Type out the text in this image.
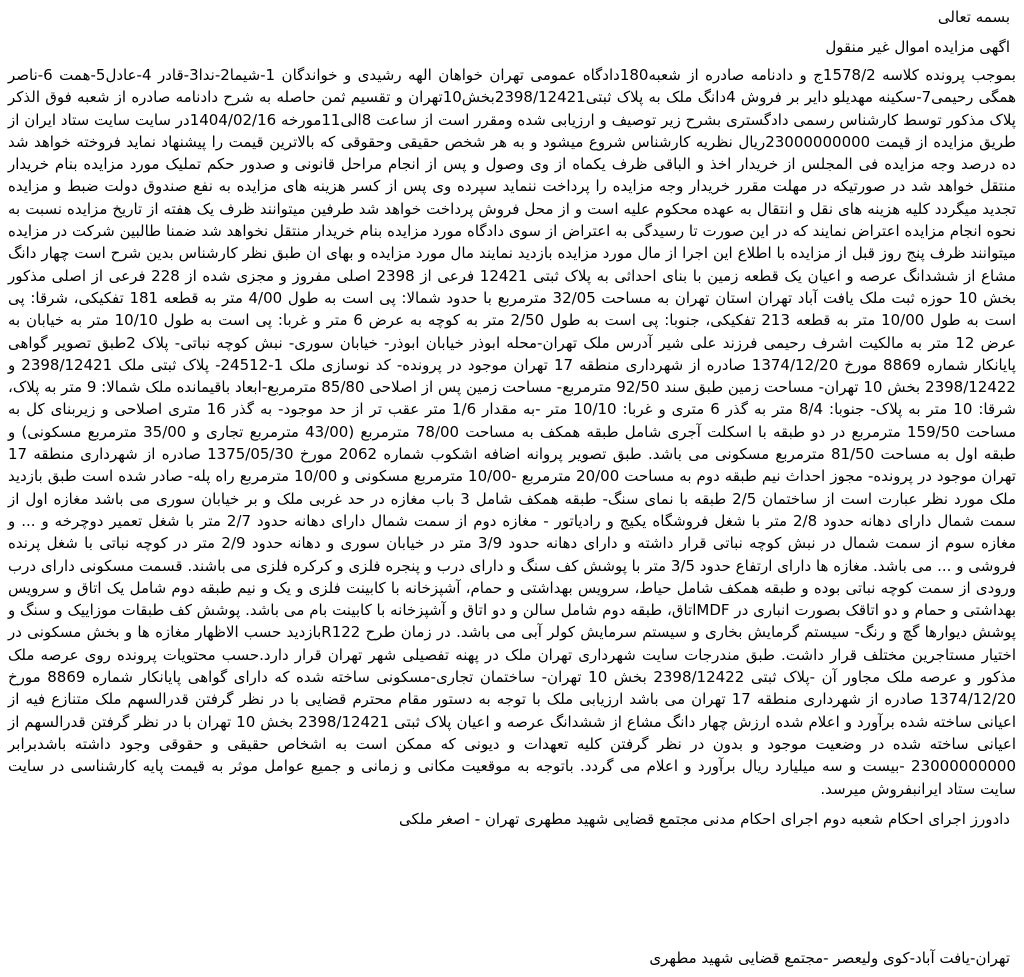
بسمه تعالی
اگهی مزایده اموال غیر منقول

بموجب پرونده کلاسه 1578/2ج و دادنامه صادره از شعبه180دادگاه عمومی تهران خواهان الهه رشیدی و خواندگان 1-شیما2-ندا3-قادر 4-عادل5-همت 6-ناصر همگی رحیمی7-سکینه مهدیلو دایر بر فروش 4دانگ ملک به پلاک ثبتی2398/12421بخش10تهران و تقسیم ثمن حاصله به شرح دادنامه صادره از شعبه فوق الذکر پلاک مذکور توسط کارشناس رسمی دادگستری بشرح زیر توصیف و ارزیابی شده ومقرر است از ساعت 8الی11مورخه 1404/02/16در سایت سایت ستاد ایران از طریق مزایده از قیمت 23000000000ریال نظریه کارشناس شروع میشود و به هر شخص حقیقی وحقوقی که بالاترین قیمت را پیشنهاد نماید فروخته خواهد شد ده درصد وجه مزایده فی المجلس از خریدار اخذ و الباقی ظرف یکماه از وی وصول و پس از انجام مراحل قانونی و صدور حکم تملیک مورد مزایده بنام خریدار منتقل خواهد شد در صورتیکه در مهلت مقرر خریدار وجه مزایده را پرداخت ننماید سپرده وی پس از کسر هزینه های مزایده به نفع صندوق دولت ضبط و مزایده تجدید میگردد کلیه هزینه های نقل و انتقال به عهده محکوم علیه است و از محل فروش پرداخت خواهد شد طرفین میتوانند ظرف یک هفته از تاریخ مزایده نسبت به نحوه انجام مزایده اعتراض نمایند که در این صورت تا رسیدگی به اعتراض از سوی دادگاه مورد مزایده بنام خریدار منتقل نخواهد شد ضمنا طالبین شرکت در مزایده میتوانند ظرف پنج روز قبل از مزایده با اطلاع این اجرا از مال مورد مزایده بازدید نمایند مال مورد مزایده و بهای ان طبق نظر کارشناس بدین شرح است چهار دانگ مشاع از ششدانگ عرصه و اعیان یک قطعه زمین با بنای احداثی به پلاک ثبتی 12421 فرعی از 2398 اصلی مفروز و مجزی شده از 228 فرعی از اصلی مذکور بخش 10 حوزه ثبت ملک یافت آباد تهران استان تهران به مساحت 32/05 مترمربع با حدود شمالا: پی است به طول 4/00 متر به قطعه 181 تفکیکی، شرقا: پی است به طول 10/00 متر به قطعه 213 تفکیکی، جنوبا: پی است به طول 2/50 متر به کوچه به عرض 6 متر و غربا: پی است به طول 10/10 متر به خیابان به عرض 12 متر به مالکیت اشرف رحیمی فرزند علی شیر آدرس ملک تهران-محله ابوذر خیابان ابوذر- خیابان سوری- نبش کوچه نباتی- پلاک 2طبق تصویر گواهی پایانکار شماره 8869 مورخ 1374/12/20 صادره از شهرداری منطقه 17 تهران موجود در پرونده- کد نوسازی ملک 1-24512- پلاک ثبتی ملک 2398/12421 و 2398/12422 بخش 10 تهران- مساحت زمین طبق سند 92/50 مترمربع- مساحت زمین پس از اصلاحی 85/80 مترمربع-ابعاد باقیمانده ملک شمالا: 9 متر به پلاک، شرقا: 10 متر به پلاک- جنوبا: 8/4 متر به گذر 6 متری و غربا: 10/10 متر -به مقدار 1/6 متر عقب تر از حد موجود- به گذر 16 متری اصلاحی و زیربنای کل به مساحت 159/50 مترمربع در دو طبقه با اسکلت آجری شامل طبقه همکف به مساحت 78/00 مترمربع (43/00 مترمربع تجاری و 35/00 مترمربع مسکونی) و طبقه اول به مساحت 81/50 مترمربع مسکونی می باشد. طبق تصویر پروانه اضافه اشکوب شماره 2062 مورخ 1375/05/30 صادره از شهرداری منطقه 17 تهران موجود در پرونده- مجوز احداث نیم طبقه دوم به مساحت 20/00 مترمربع -10/00 مترمربع مسکونی و 10/00 مترمربع راه پله- صادر شده است طبق بازدید ملک مورد نظر عبارت است از ساختمان 2/5 طبقه با نمای سنگ- طبقه همکف شامل 3 باب مغازه در حد غربی ملک و بر خیابان سوری می باشد مغازه اول از سمت شمال دارای دهانه حدود 2/8 متر با شغل فروشگاه یکیج و رادیاتور - مغازه دوم از سمت شمال دارای دهانه حدود 2/7 متر با شغل تعمیر دوچرخه و ... و مغازه سوم از سمت شمال در نبش کوچه نباتی قرار داشته و دارای دهانه حدود 3/9 متر در خیابان سوری و دهانه حدود 2/9 متر در کوچه نباتی با شغل پرنده فروشی و ... می باشد. مغازه ها دارای ارتفاع حدود 3/5 متر با پوشش کف سنگ و دارای درب و پنجره فلزی و کرکره فلزی می باشند. قسمت مسکونی دارای درب ورودی از سمت کوچه نباتی بوده و طبقه همکف شامل حیاط، سرویس بهداشتی و حمام، آشپزخانه با کابینت فلزی و یک و نیم طبقه دوم شامل یک اتاق و سرویس بهداشتی و حمام و دو اتاقک بصورت انباری در MDFاتاق، طبقه دوم شامل سالن و دو اتاق و آشپزخانه با کابینت بام می باشد. پوشش کف طبقات موزاییک و سنگ و پوشش دیوارها گچ و رنگ- سیستم گرمایش بخاری و سیستم سرمایش کولر آبی می باشد. در زمان طرح R122بازدید حسب الاظهار مغازه ها و بخش مسکونی در اختیار مستاجرین مختلف قرار داشت. طبق مندرجات سایت شهرداری تهران ملک در پهنه تفصیلی شهر تهران قرار دارد.حسب محتویات پرونده روی عرصه ملک مذکور و عرصه ملک مجاور آن -پلاک ثبتی 2398/12422 بخش 10 تهران- ساختمان تجاری-مسکونی ساخته شده که دارای گواهی پایانکار شماره 8869 مورخ 1374/12/20 صادره از شهرداری منطقه 17 تهران می باشد ارزیابی ملک با توجه به دستور مقام محترم قضایی با در نظر گرفتن قدرالسهم ملک متنازع فیه از اعیانی ساخته شده برآورد و اعلام شده ارزش چهار دانگ مشاع از ششدانگ عرصه و اعیان پلاک ثبتی 2398/12421 بخش 10 تهران با در نظر گرفتن قدرالسهم از اعیانی ساخته شده در وضعیت موجود و بدون در نظر گرفتن کلیه تعهدات و دیونی که ممکن است به اشخاص حقیقی و حقوقی وجود داشته باشدبرابر 23000000000 -بیست و سه میلیارد ریال برآورد و اعلام می گردد. باتوجه به موقعیت مکانی و زمانی و جمیع عوامل موثر به قیمت پایه کارشناسی در سایت سایت ستاد ایرانبفروش میرسد.

دادورز اجرای احکام شعبه دوم اجرای احکام مدنی مجتمع قضایی شهید مطهری تهران - اصغر ملکی
تهران-یافت آباد-کوی ولیعصر -مجتمع قضایی شهید مطهری
